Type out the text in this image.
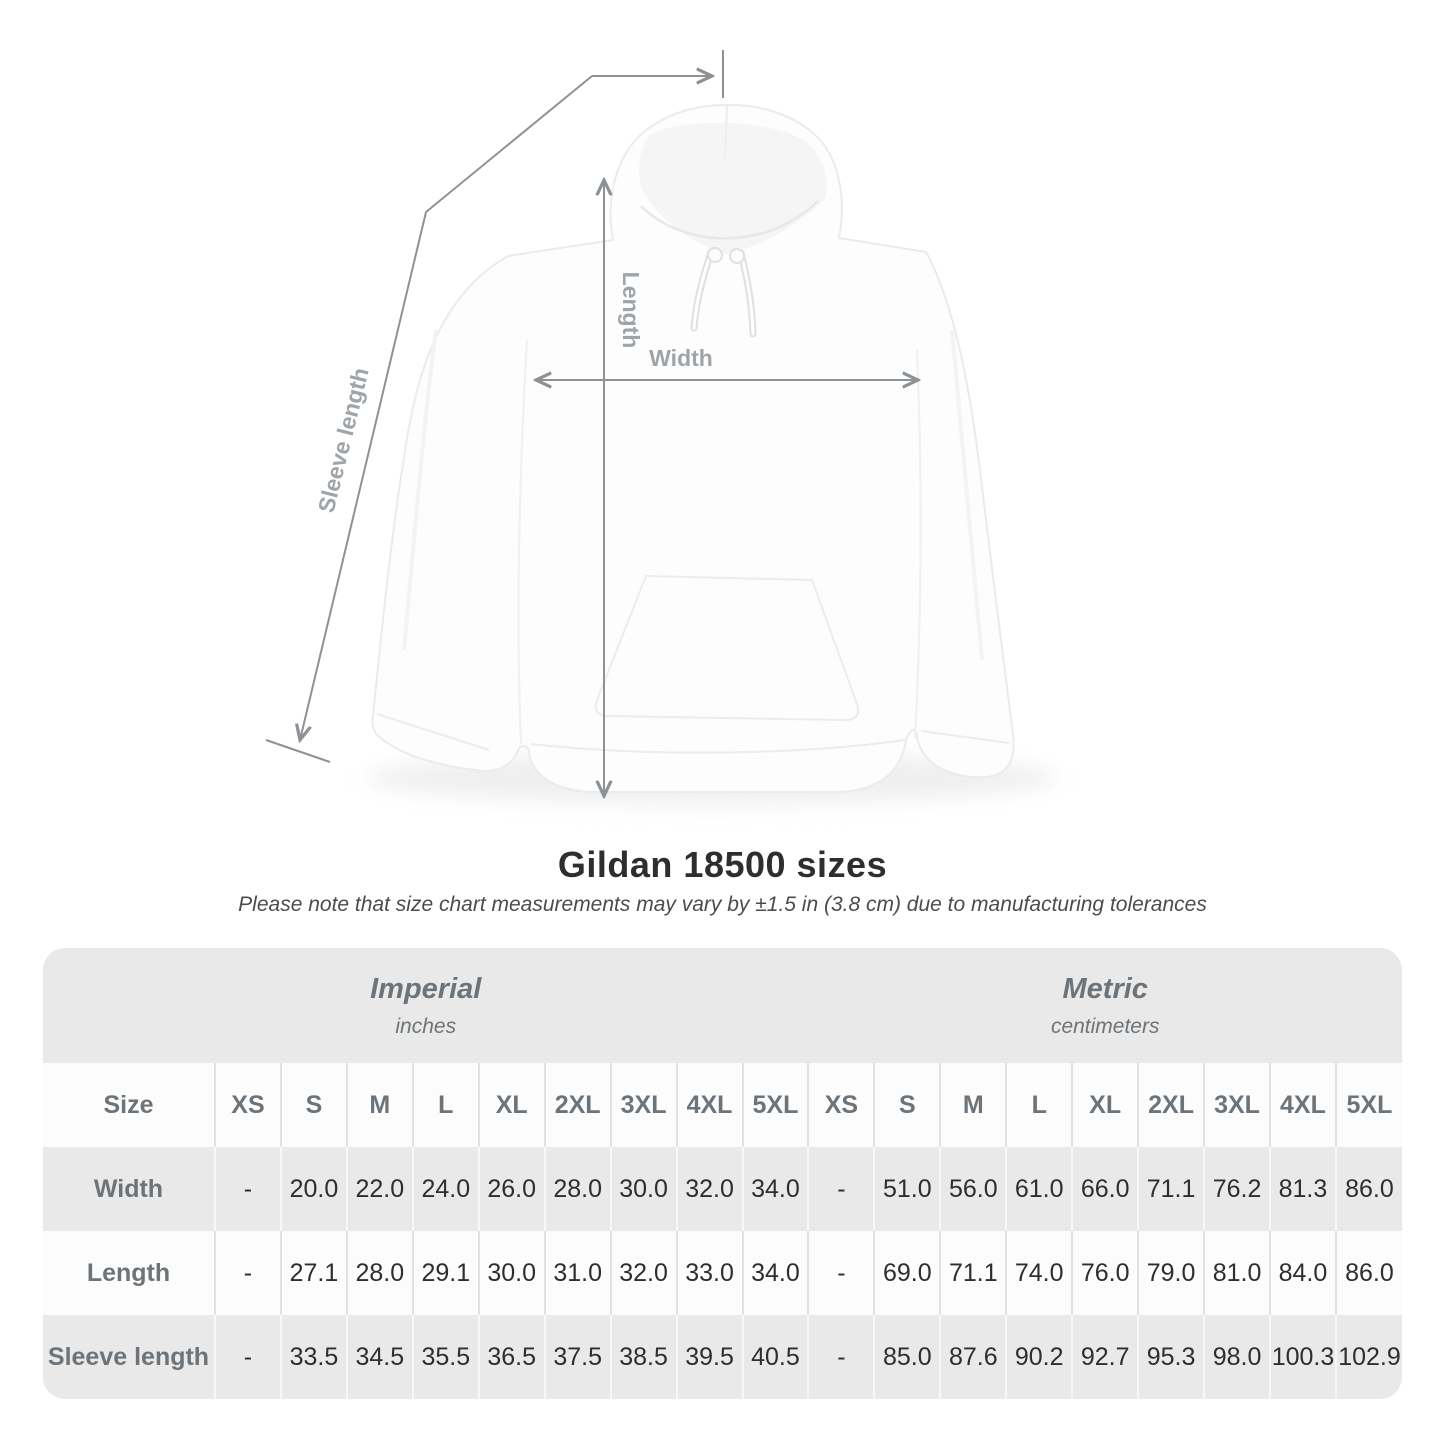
Width
Length
Sleeve length
Gildan 18500 sizes
Please note that size chart measurements may vary by ±1.5 in (3.8 cm) due to manufacturing tolerances
Imperial
inches

Metric
centimeters

Size	XS	S	M	L	XL	2XL	3XL	4XL	5XL	XS	S	M	L	XL	2XL	3XL	4XL	5XL
Width	-	20.0	22.0	24.0	26.0	28.0	30.0	32.0	34.0	-	51.0	56.0	61.0	66.0	71.1	76.2	81.3	86.0
Length	-	27.1	28.0	29.1	30.0	31.0	32.0	33.0	34.0	-	69.0	71.1	74.0	76.0	79.0	81.0	84.0	86.0
Sleeve length	-	33.5	34.5	35.5	36.5	37.5	38.5	39.5	40.5	-	85.0	87.6	90.2	92.7	95.3	98.0	100.3	102.9
